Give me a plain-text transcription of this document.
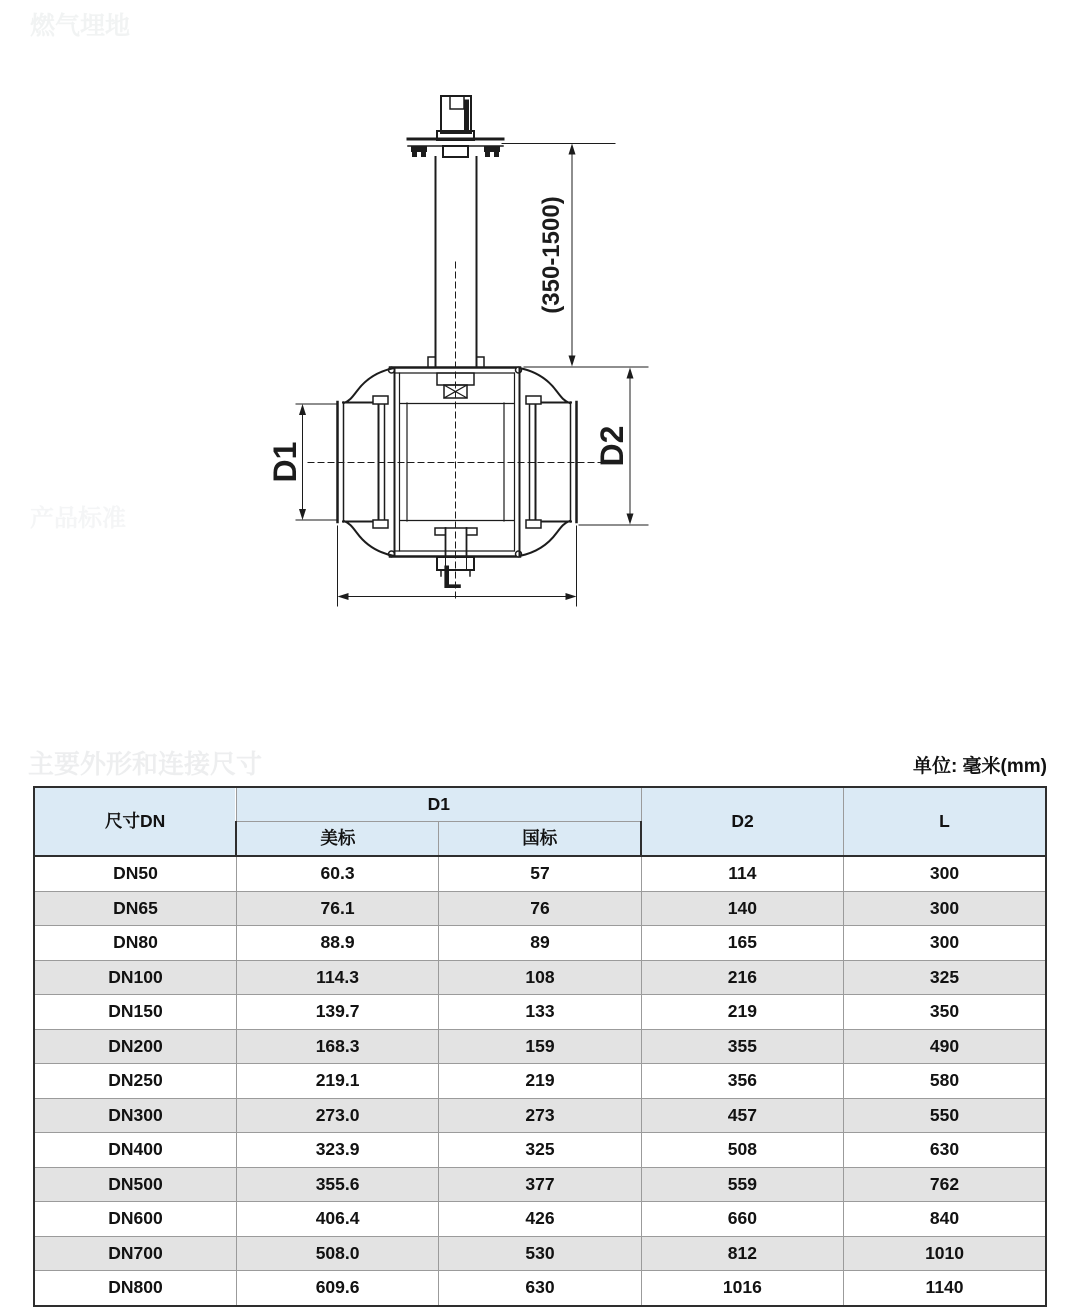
燃气埋地
产品标准
主要外形和连接尺寸
D1	D2
(350-1500)
L
单位: 毫米(mm)
尺寸DN	D1		D2	L
	美标	国标		
DN50	60.3	57	114	300
DN65	76.1	76	140	300
DN80	88.9	89	165	300
DN100	114.3	108	216	325
DN150	139.7	133	219	350
DN200	168.3	159	355	490
DN250	219.1	219	356	580
DN300	273.0	273	457	550
DN400	323.9	325	508	630
DN500	355.6	377	559	762
DN600	406.4	426	660	840
DN700	508.0	530	812	1010
DN800	609.6	630	1016	1140
